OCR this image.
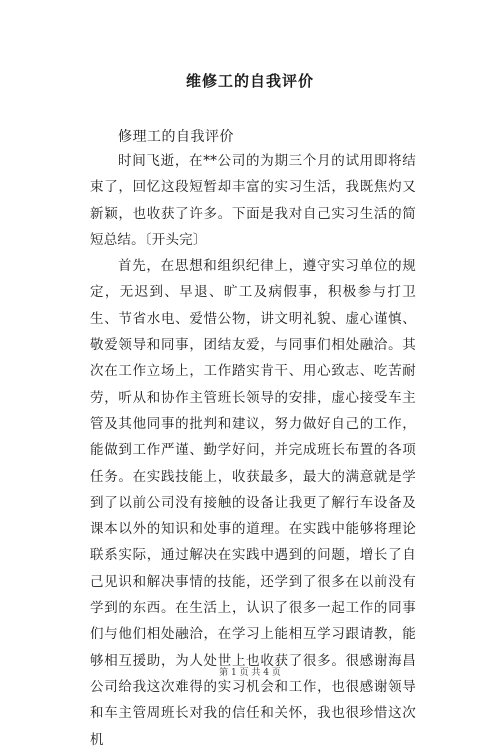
维修工的自我评价
修理工的自我评价

时间飞逝，在**公司的为期三个月的试用即将结束了，回忆这段短暂却丰富的实习生活，我既焦灼又新颖，也收获了许多。下面是我对自己实习生活的简短总结。〔开头完〕

首先，在思想和组织纪律上，遵守实习单位的规定，无迟到、早退、旷工及病假事，积极参与打卫生、节省水电、爱惜公物，讲文明礼貌、虚心谨慎、敬爱领导和同事，团结友爱，与同事们相处融洽。其次在工作立场上，工作踏实肯干、用心致志、吃苦耐劳，听从和协作主管班长领导的安排，虚心接受车主管及其他同事的批判和建议，努力做好自己的工作，能做到工作严谨、勤学好问，并完成班长布置的各项任务。在实践技能上，收获最多，最大的满意就是学到了以前公司没有接触的设备让我更了解行车设备及课本以外的知识和处事的道理。在实践中能够将理论联系实际，通过解决在实践中遇到的问题，增长了自己见识和解决事情的技能，还学到了很多在以前没有学到的东西。在生活上，认识了很多一起工作的同事们与他们相处融洽，在学习上能相互学习跟请教，能够相互援助，为人处世上也收获了很多。很感谢海昌公司给我这次难得的实习机会和工作，也很感谢领导和车主管周班长对我的信任和关怀，我也很珍惜这次机

第 1 页 共 4 页
